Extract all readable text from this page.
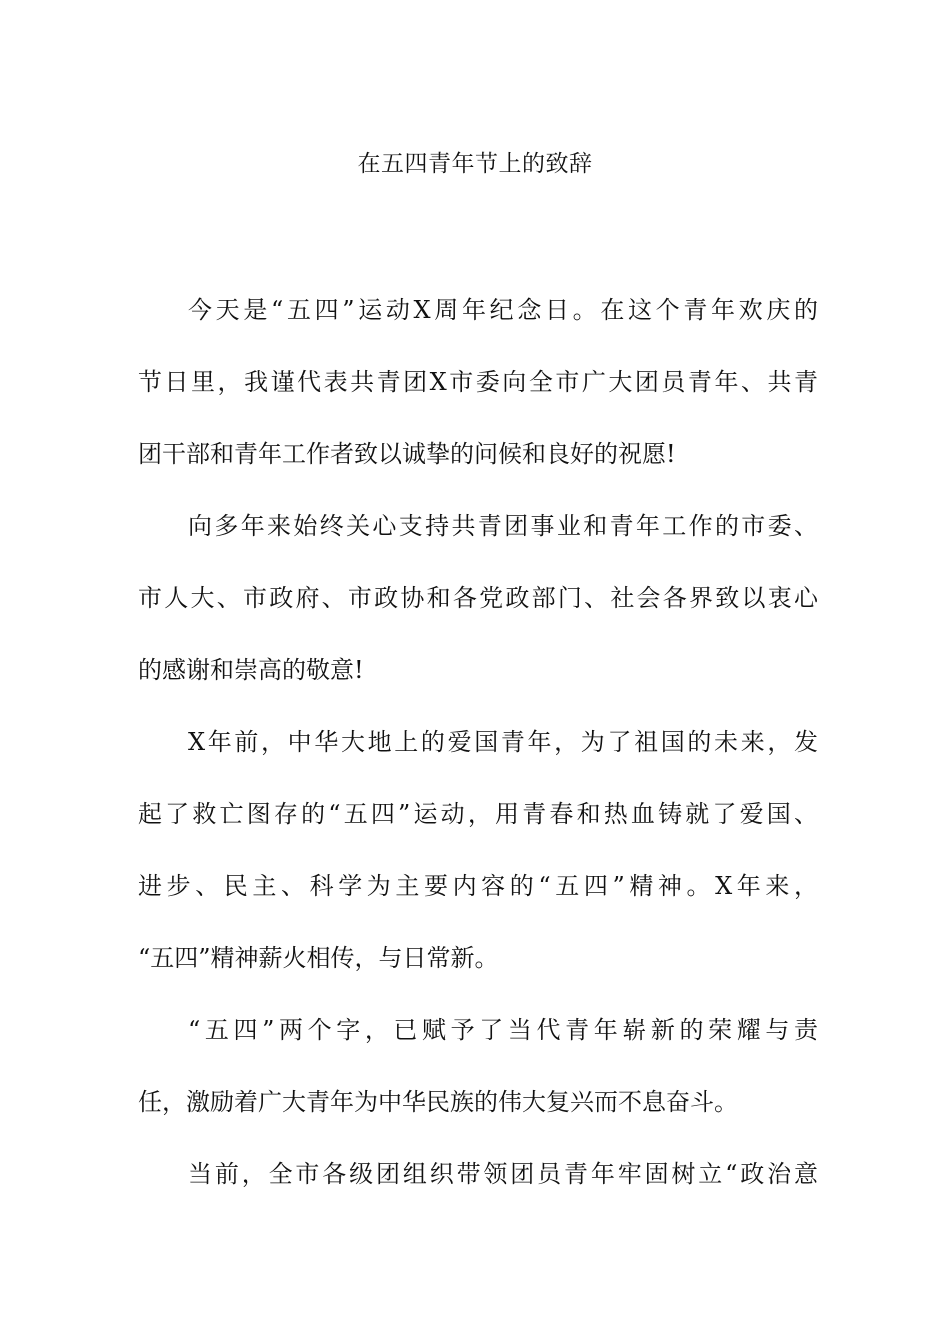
在五四青年节上的致辞
今天是“五四”运动X周年纪念日。在这个青年欢庆的
节日里，我谨代表共青团X市委向全市广大团员青年、共青
团干部和青年工作者致以诚挚的问候和良好的祝愿!
向多年来始终关心支持共青团事业和青年工作的市委、
市人大、市政府、市政协和各党政部门、社会各界致以衷心
的感谢和崇高的敬意!
X年前，中华大地上的爱国青年，为了祖国的未来，发
起了救亡图存的“五四”运动，用青春和热血铸就了爱国、
进步、民主、科学为主要内容的“五四”精神。X年来，
“五四”精神薪火相传，与日常新。
“五四”两个字，已赋予了当代青年崭新的荣耀与责
任，激励着广大青年为中华民族的伟大复兴而不息奋斗。
当前，全市各级团组织带领团员青年牢固树立“政治意
